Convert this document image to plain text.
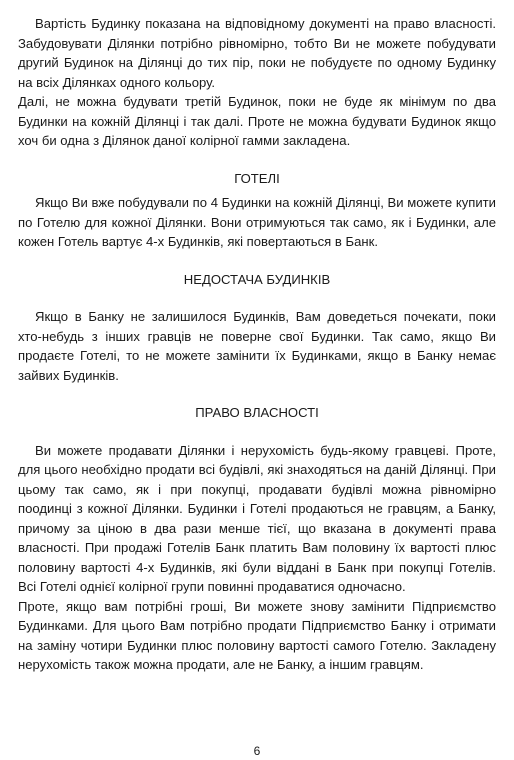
Вартість Будинку показана на відповідному документі на право власності. Забудовувати Ділянки потрібно рівномірно, тобто Ви не можете побудувати другий Будинок на Ділянці до тих пір, поки не побудуєте по одному Будинку на всіх Ділянках одного кольору.

Далі, не можна будувати третій Будинок, поки не буде як мінімум по два Будинки на кожній Ділянці і так далі. Проте не можна будувати Будинок якщо хоч би одна з Ділянок даної колірної гамми закладена.

ГОТЕЛІ

Якщо Ви вже побудували по 4 Будинки на кожній Ділянці, Ви можете купити по Готелю для кожної Ділянки. Вони отримуються так само, як і Будинки, але кожен Готель вартує 4-х Будинків, які повертаються в Банк.

НЕДОСТАЧА БУДИНКІВ

Якщо в Банку не залишилося Будинків, Вам доведеться почекати, поки хто-небудь з інших гравців не поверне свої Будинки. Так само, якщо Ви продаєте Готелі, то не можете замінити їх Будинками, якщо в Банку немає зайвих Будинків.

ПРАВО ВЛАСНОСТІ

Ви можете продавати Ділянки і нерухомість будь-якому гравцеві. Проте, для цього необхідно продати всі будівлі, які знаходяться на даній Ділянці. При цьому так само, як і при покупці, продавати будівлі можна рівномірно поодинці з кожної Ділянки. Будинки і Готелі продаються не гравцям, а Банку, причому за ціною в два рази менше тієї, що вказана в документі права власності. При продажі Готелів Банк платить Вам половину їх вартості плюс половину вартості 4-х Будинків, які були віддані в Банк при покупці Готелів. Всі Готелі однієї колірної групи повинні продаватися одночасно.

Проте, якщо вам потрібні гроші, Ви можете знову замінити Підприємство Будинками. Для цього Вам потрібно продати Підприємство Банку і отримати на заміну чотири Будинки плюс половину вартості самого Готелю. Закладену нерухомість також можна продати, але не Банку, а іншим гравцям.

6
